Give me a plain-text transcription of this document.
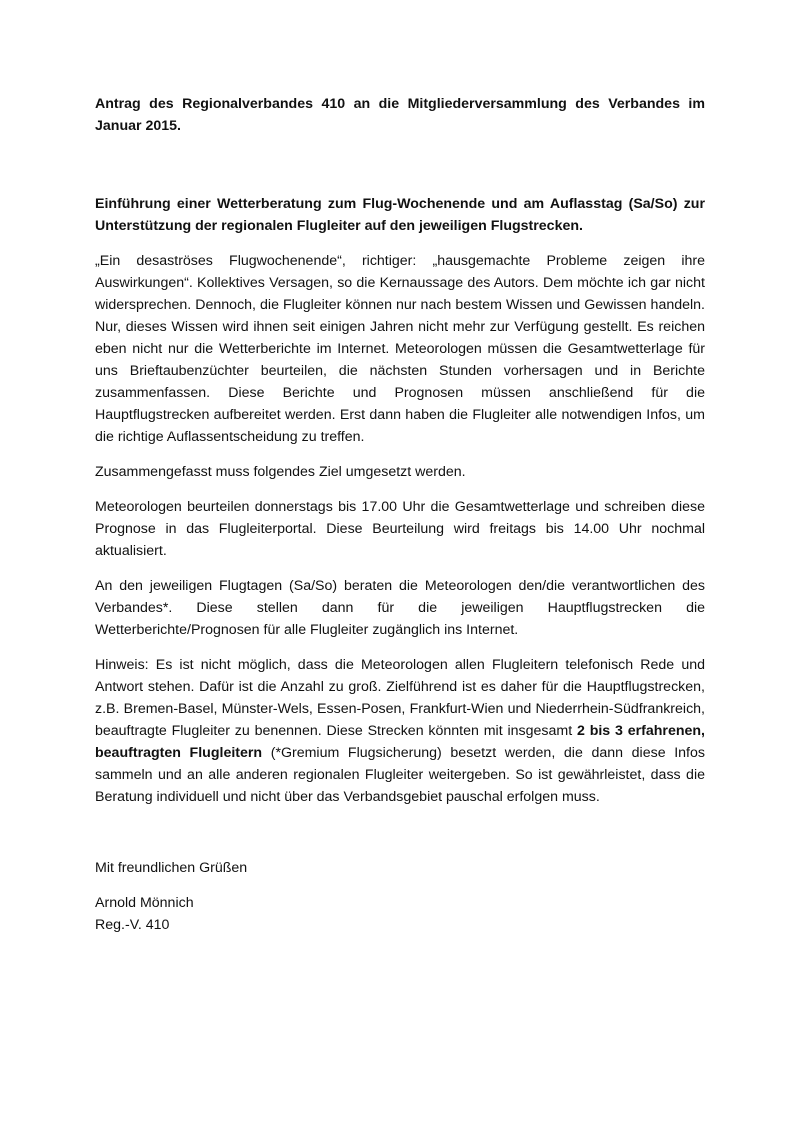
Antrag des Regionalverbandes 410 an die Mitgliederversammlung des Verbandes im Januar 2015.

Einführung einer Wetterberatung zum Flug-Wochenende und am Auflasstag (Sa/So) zur Unterstützung der regionalen Flugleiter auf den jeweiligen Flugstrecken.

„Ein desaströses Flugwochenende“, richtiger: „hausgemachte Probleme zeigen ihre Auswirkungen“. Kollektives Versagen, so die Kernaussage des Autors. Dem möchte ich gar nicht widersprechen. Dennoch, die Flugleiter können nur nach bestem Wissen und Gewissen handeln. Nur, dieses Wissen wird ihnen seit einigen Jahren nicht mehr zur Verfügung gestellt. Es reichen eben nicht nur die Wetterberichte im Internet. Meteorologen müssen die Gesamtwetterlage für uns Brieftaubenzüchter beurteilen, die nächsten Stunden vorhersagen und in Berichte zusammenfassen. Diese Berichte und Prognosen müssen anschließend für die Hauptflugstrecken aufbereitet werden. Erst dann haben die Flugleiter alle notwendigen Infos, um die richtige Auflassentscheidung zu treffen.

Zusammengefasst muss folgendes Ziel umgesetzt werden.

Meteorologen beurteilen donnerstags bis 17.00 Uhr die Gesamtwetterlage und schreiben diese Prognose in das Flugleiterportal. Diese Beurteilung wird freitags bis 14.00 Uhr nochmal aktualisiert.

An den jeweiligen Flugtagen (Sa/So) beraten die Meteorologen den/die verantwortlichen des Verbandes*. Diese stellen dann für die jeweiligen Hauptflugstrecken die Wetterberichte/Prognosen für alle Flugleiter zugänglich ins Internet.

Hinweis: Es ist nicht möglich, dass die Meteorologen allen Flugleitern telefonisch Rede und Antwort stehen. Dafür ist die Anzahl zu groß. Zielführend ist es daher für die Hauptflugstrecken, z.B. Bremen-Basel, Münster-Wels, Essen-Posen, Frankfurt-Wien und Niederrhein-Südfrankreich, beauftragte Flugleiter zu benennen. Diese Strecken könnten mit insgesamt 2 bis 3 erfahrenen, beauftragten Flugleitern (*Gremium Flugsicherung) besetzt werden, die dann diese Infos sammeln und an alle anderen regionalen Flugleiter weitergeben. So ist gewährleistet, dass die Beratung individuell und nicht über das Verbandsgebiet pauschal erfolgen muss.

Mit freundlichen Grüßen

Arnold Mönnich

Reg.-V. 410
